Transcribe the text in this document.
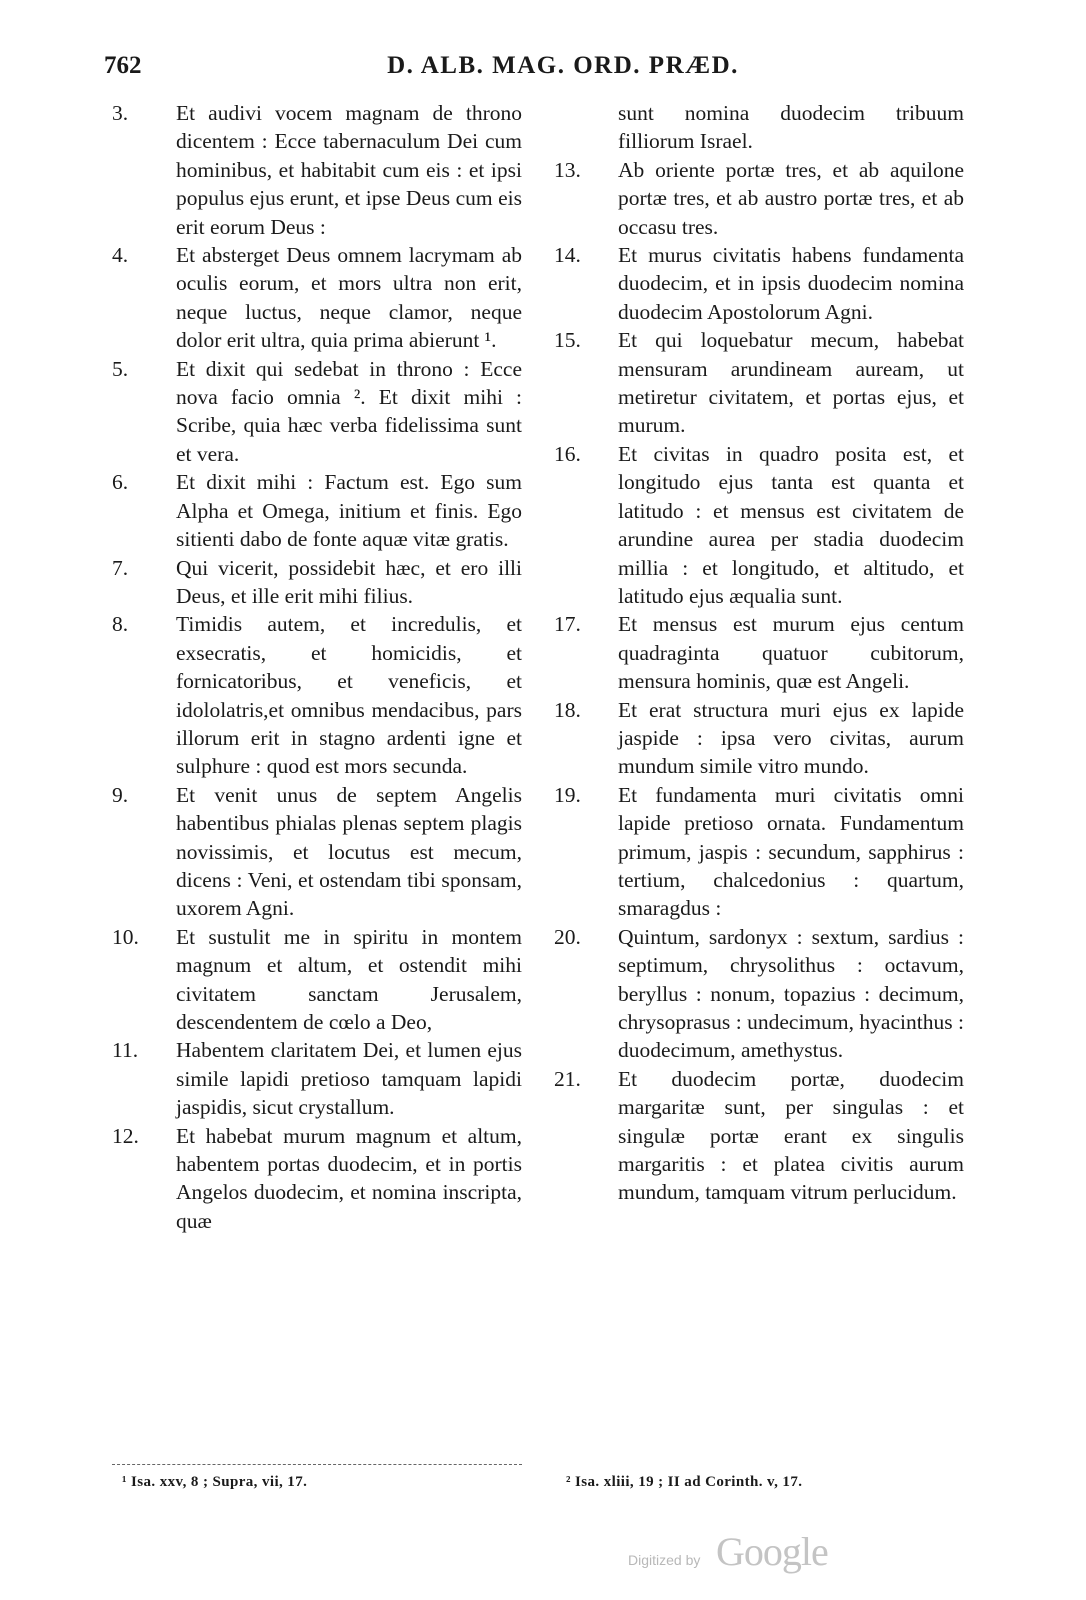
762	D. ALB. MAG. ORD. PRÆD.
3.	Et audivi vocem magnam de throno dicentem : Ecce tabernaculum Dei cum hominibus, et habitabit cum eis : et ipsi populus ejus erunt, et ipse Deus cum eis erit eorum Deus :
4.	Et absterget Deus omnem lacrymam ab oculis eorum, et mors ultra non erit, neque luctus, neque clamor, neque dolor erit ultra, quia prima abierunt ¹.
5.	Et dixit qui sedebat in throno : Ecce nova facio omnia ². Et dixit mihi : Scribe, quia hæc verba fidelissima sunt et vera.
6.	Et dixit mihi : Factum est. Ego sum Alpha et Omega, initium et finis. Ego sitienti dabo de fonte aquæ vitæ gratis.
7.	Qui vicerit, possidebit hæc, et ero illi Deus, et ille erit mihi filius.
8.	Timidis autem, et incredulis, et exsecratis, et homicidis, et fornicatoribus, et veneficis, et idololatris,et omnibus mendacibus, pars illorum erit in stagno ardenti igne et sulphure : quod est mors secunda.
9.	Et venit unus de septem Angelis habentibus phialas plenas septem plagis novissimis, et locutus est mecum, dicens : Veni, et ostendam tibi sponsam, uxorem Agni.
10.	Et sustulit me in spiritu in montem magnum et altum, et ostendit mihi civitatem sanctam Jerusalem, descendentem de cœlo a Deo,
11.	Habentem claritatem Dei, et lumen ejus simile lapidi pretioso tamquam lapidi jaspidis, sicut crystallum.
12.	Et habebat murum magnum et altum, habentem portas duodecim, et in portis Angelos duodecim, et nomina inscripta, quæ
sunt nomina duodecim tribuum filliorum Israel.
13.	Ab oriente portæ tres, et ab aquilone portæ tres, et ab austro portæ tres, et ab occasu tres.
14.	Et murus civitatis habens fundamenta duodecim, et in ipsis duodecim nomina duodecim Apostolorum Agni.
15.	Et qui loquebatur mecum, habebat mensuram arundineam auream, ut metiretur civitatem, et portas ejus, et murum.
16.	Et civitas in quadro posita est, et longitudo ejus tanta est quanta et latitudo : et mensus est civitatem de arundine aurea per stadia duodecim millia : et longitudo, et altitudo, et latitudo ejus æqualia sunt.
17.	Et mensus est murum ejus centum quadraginta quatuor cubitorum, mensura hominis, quæ est Angeli.
18.	Et erat structura muri ejus ex lapide jaspide : ipsa vero civitas, aurum mundum simile vitro mundo.
19.	Et fundamenta muri civitatis omni lapide pretioso ornata. Fundamentum primum, jaspis : secundum, sapphirus : tertium, chalcedonius : quartum, smaragdus :
20.	Quintum, sardonyx : sextum, sardius : septimum, chrysolithus : octavum, beryllus : nonum, topazius : decimum, chrysoprasus : undecimum, hyacinthus : duodecimum, amethystus.
21.	Et duodecim portæ, duodecim margaritæ sunt, per singulas : et singulæ portæ erant ex singulis margaritis : et platea civitis aurum mundum, tamquam vitrum perlucidum.
¹ Isa. xxv, 8 ; Supra, vii, 17.	² Isa. xliii, 19 ; II ad Corinth. v, 17.
Digitized by Google
